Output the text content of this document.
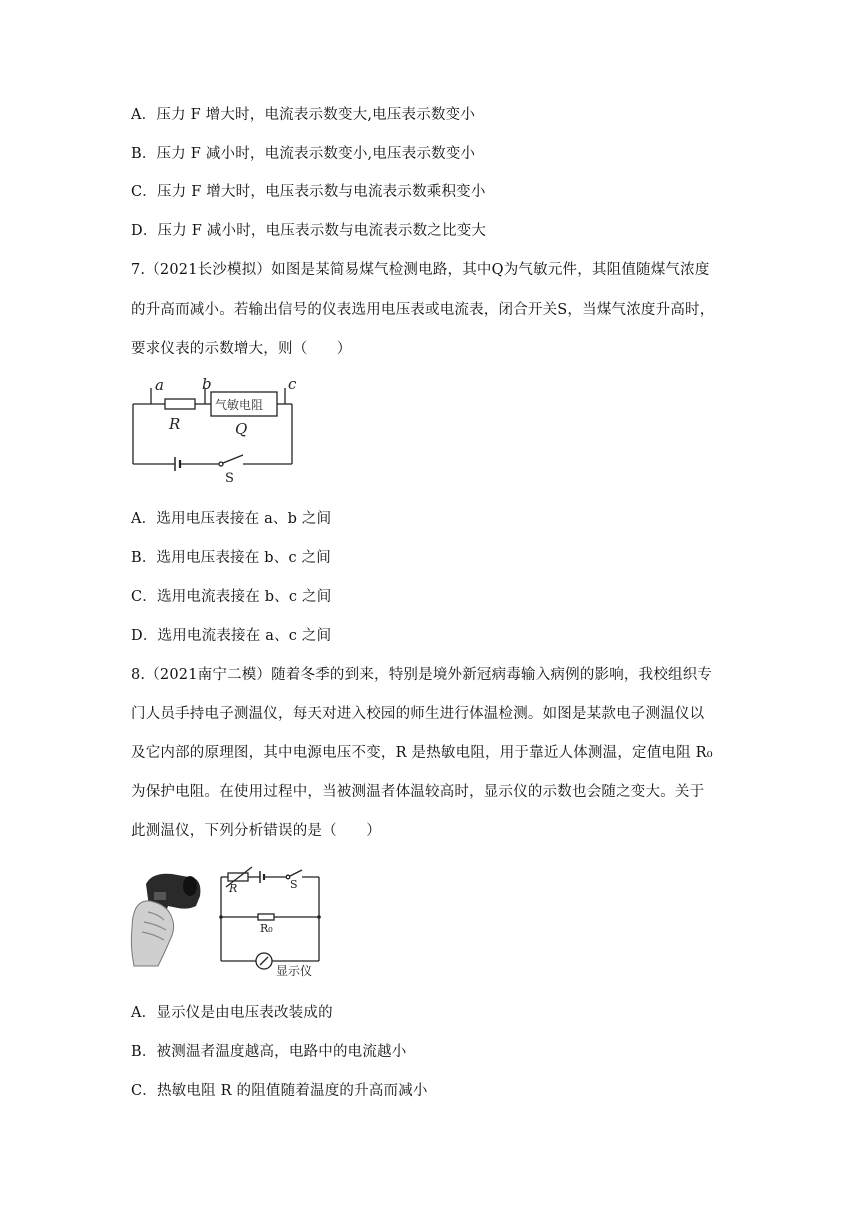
A．压力 F 增大时，电流表示数变大,电压表示数变小
B．压力 F 减小时，电流表示数变小,电压表示数变小
C．压力 F 增大时，电压表示数与电流表示数乘积变小
D．压力 F 减小时，电压表示数与电流表示数之比变大
7.（2021长沙模拟）如图是某简易煤气检测电路，其中Q为气敏元件，其阻值随煤气浓度
的升高而减小。若输出信号的仪表选用电压表或电流表，闭合开关S，当煤气浓度升高时，
要求仪表的示数增大，则（　　）
a	b	c
R	Q
气敏电阻
S
A．选用电压表接在 a、b 之间
B．选用电压表接在 b、c 之间
C．选用电流表接在 b、c 之间
D．选用电流表接在 a、c 之间
8.（2021南宁二模）随着冬季的到来，特别是境外新冠病毒输入病例的影响，我校组织专
门人员手持电子测温仪，每天对进入校园的师生进行体温检测。如图是某款电子测温仪以
及它内部的原理图，其中电源电压不变，R 是热敏电阻，用于靠近人体测温，定值电阻 R₀
为保护电阻。在使用过程中，当被测温者体温较高时，显示仪的示数也会随之变大。关于
此测温仪，下列分析错误的是（　　）
R	S
R₀
显示仪
A．显示仪是由电压表改装成的
B．被测温者温度越高，电路中的电流越小
C．热敏电阻 R 的阻值随着温度的升高而减小
